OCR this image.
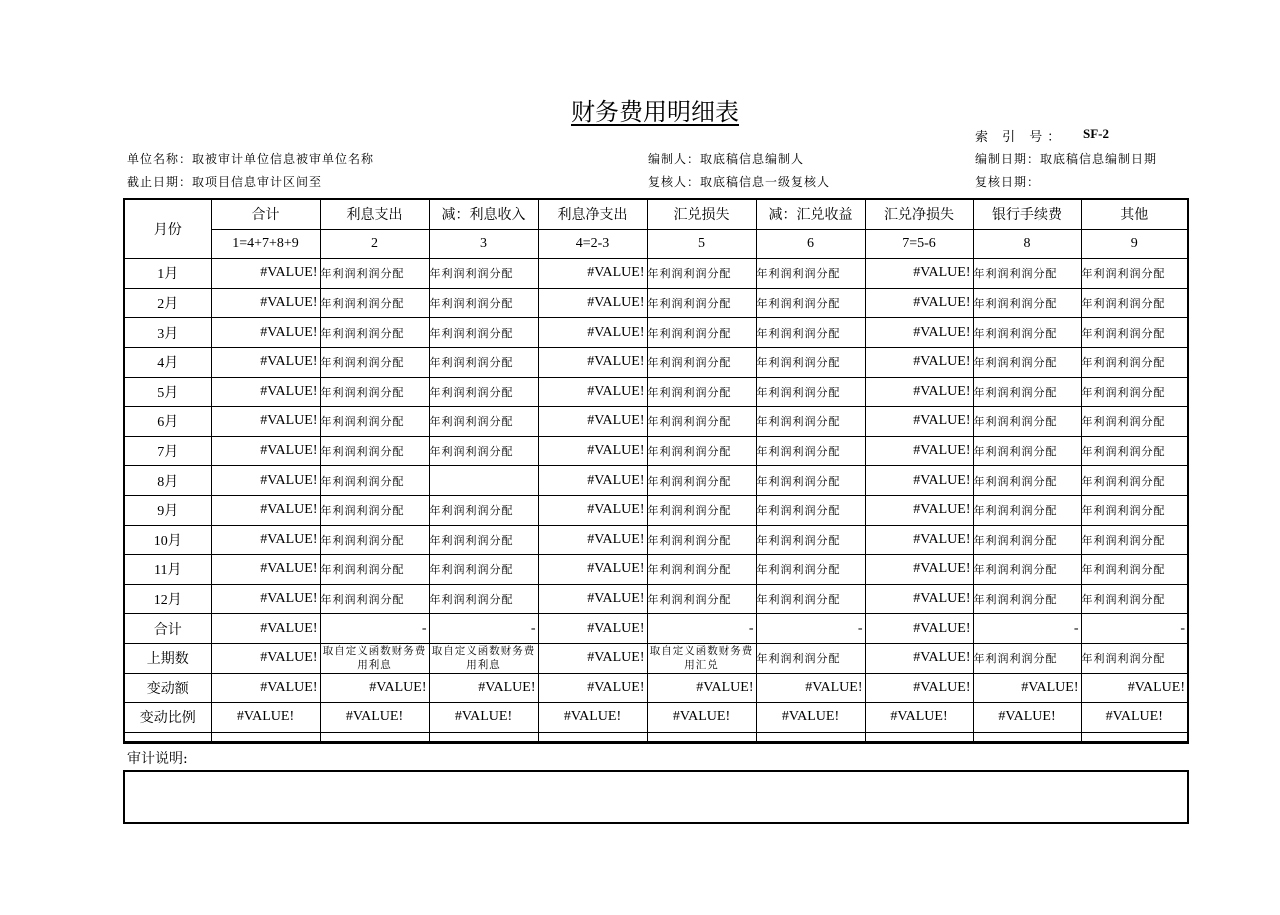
财务费用明细表
索 引 号： SF-2
单位名称：取被审计单位信息被审单位名称
截止日期：取项目信息审计区间至
编制人：取底稿信息编制人
复核人：取底稿信息一级复核人
编制日期：取底稿信息编制日期
复核日期：
月份	合计	利息支出	减：利息收入	利息净支出	汇兑损失	减：汇兑收益	汇兑净损失	银行手续费	其他
	1=4+7+8+9	2	3	4=2-3	5	6	7=5-6	8	9
1月	#VALUE!	年利润利润分配	年利润利润分配	#VALUE!	年利润利润分配	年利润利润分配	#VALUE!	年利润利润分配	年利润利润分配
2月	#VALUE!	年利润利润分配	年利润利润分配	#VALUE!	年利润利润分配	年利润利润分配	#VALUE!	年利润利润分配	年利润利润分配
3月	#VALUE!	年利润利润分配	年利润利润分配	#VALUE!	年利润利润分配	年利润利润分配	#VALUE!	年利润利润分配	年利润利润分配
4月	#VALUE!	年利润利润分配	年利润利润分配	#VALUE!	年利润利润分配	年利润利润分配	#VALUE!	年利润利润分配	年利润利润分配
5月	#VALUE!	年利润利润分配	年利润利润分配	#VALUE!	年利润利润分配	年利润利润分配	#VALUE!	年利润利润分配	年利润利润分配
6月	#VALUE!	年利润利润分配	年利润利润分配	#VALUE!	年利润利润分配	年利润利润分配	#VALUE!	年利润利润分配	年利润利润分配
7月	#VALUE!	年利润利润分配	年利润利润分配	#VALUE!	年利润利润分配	年利润利润分配	#VALUE!	年利润利润分配	年利润利润分配
8月	#VALUE!	年利润利润分配		#VALUE!	年利润利润分配	年利润利润分配	#VALUE!	年利润利润分配	年利润利润分配
9月	#VALUE!	年利润利润分配	年利润利润分配	#VALUE!	年利润利润分配	年利润利润分配	#VALUE!	年利润利润分配	年利润利润分配
10月	#VALUE!	年利润利润分配	年利润利润分配	#VALUE!	年利润利润分配	年利润利润分配	#VALUE!	年利润利润分配	年利润利润分配
11月	#VALUE!	年利润利润分配	年利润利润分配	#VALUE!	年利润利润分配	年利润利润分配	#VALUE!	年利润利润分配	年利润利润分配
12月	#VALUE!	年利润利润分配	年利润利润分配	#VALUE!	年利润利润分配	年利润利润分配	#VALUE!	年利润利润分配	年利润利润分配
合计	#VALUE!	-	-	#VALUE!	-	-	#VALUE!	-	-
上期数	#VALUE!	取自定义函数财务费用利息	取自定义函数财务费用利息	#VALUE!	取自定义函数财务费用汇兑	年利润利润分配	#VALUE!	年利润利润分配	年利润利润分配
变动额	#VALUE!	#VALUE!	#VALUE!	#VALUE!	#VALUE!	#VALUE!	#VALUE!	#VALUE!	#VALUE!
变动比例	#VALUE!	#VALUE!	#VALUE!	#VALUE!	#VALUE!	#VALUE!	#VALUE!	#VALUE!	#VALUE!

审计说明:
